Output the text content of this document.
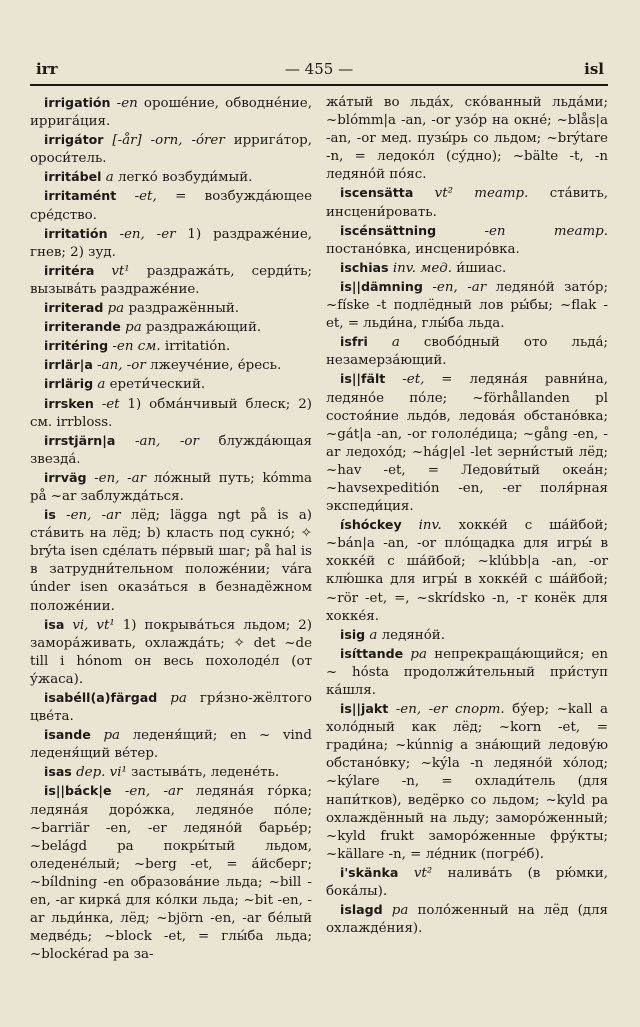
irr	— 455 —	isl

irrigatión -en ороше́ние, обводне́ние, иррига́ция.

irrigátor [-år] -orn, -órer иррига́тор, ороси́тель.

irritábel a легко́ возбуди́мый.

irritamént -et, = возбужда́ющее сре́дство.

irritatión -en, -er 1) раздраже́ние, гнев; 2) зуд.

irritéra vt¹ раздража́ть, серди́ть; вызыва́ть раздраже́ние.

irriterad pa раздражённый.

irriterande pa раздража́ющий.

irritéring -en см. irritatión.

irrlär|a -an, -or лжеуче́ние, е́ресь.

irrlärig a ерети́ческий.

irrsken -et 1) обма́нчивый блеск; 2) см. irrbloss.

irrstjärn|a -an, -or блужда́ющая звезда́.

irrväg -en, -ar ло́жный путь; kómma på ~ar заблужда́ться.

is -en, -ar лёд; lägga ngt på is а) ста́вить на лёд; b) класть под сукно́; ✧ brýta isen сде́лать пе́рвый шаг; på hal is в затрудни́тельном положе́нии; vára únder isen оказа́ться в безнадёжном положе́нии.

isa vi, vt¹ 1) покрыва́ться льдом; 2) замора́живать, охлажда́ть; ✧ det ~de till i hónom он весь похолоде́л (от у́жаса).

isabéll(a)färgad pa гря́зно-жёлтого цве́та.

isande pa леденя́щий; en ~ vind леденя́щий ве́тер.

isas dep. vi¹ застыва́ть, ледене́ть.

is||báck|e -en, -ar ледяна́я го́рка; ледяна́я доро́жка, ледяно́е по́ле; ~barriär -en, -er ледяно́й барье́р; ~belágd pa покры́тый льдом, оледене́лый; ~berg -et, = а́йсберг; ~bíldning -en образова́ние льда; ~bill -en, -ar кирка́ для ко́лки льда; ~bit -en, -ar льди́нка, лёд; ~björn -en, -ar бе́лый медве́дь; ~block -et, = глы́ба льда; ~blockérad pa за-

жа́тый во льда́х, ско́ванный льда́ми; ~blómm|a -an, -or узо́р на окне́; ~blås|a -an, -or мед. пузы́рь со льдом; ~brýtare -n, = ледоко́л (су́дно); ~bälte -t, -n ледяно́й по́яс.

iscensätta vt² театр. ста́вить, инсцени́ровать.

iscénsättning	-en театр. постано́вка, инсцениро́вка.

ischias inv. мед. и́шиас.

is||dämning -en, -ar ледяно́й зато́р; ~físke -t подлёдный лов ры́бы; ~flak -et, = льди́на, глы́ба льда.

isfri a свобо́дный ото льда́; незамерза́ющий.

is||fält -et, = ледяна́я равни́на, ледяно́е по́ле; ~förhållanden pl состоя́ние льдо́в, ледова́я обстано́вка; ~gát|a -an, -or гололе́дица; ~gång -en, -ar ледохо́д; ~hág|el -let зерни́стый лёд; ~hav -et, = Ледови́тый океа́н; ~havsexpeditión -en, -er поля́рная экспеди́ция.

íshóckey inv. хокке́й с ша́йбой; ~bán|a -an, -or пло́щадка для игры́ в хокке́й с ша́йбой; ~klúbb|a -an, -or клю́шка для игры́ в хокке́й с ша́йбой; ~rör -et, =, ~skrídsko -n, -r конёк для хокке́я.

isig a ледяно́й.

isíttande pa непрекраща́ющийся; en ~ hósta продолжи́тельный при́ступ ка́шля.

is||jakt -en, -er спорт. бу́ер; ~kall a холо́дный как лёд; ~korn -et, = гради́на; ~kúnnig a зна́ющий ледову́ю обстано́вку; ~kýla -n ледяно́й хо́лод; ~kýlare -n, = охлади́тель (для напи́тков), ведёрко со льдом; ~kyld pa охлаждённый на льду; заморо́женный; ~kyld frukt заморо́женные фру́кты; ~källare -n, = ле́дник (погре́б).

i'skänka vt² налива́ть (в рю́мки, бока́лы).

islagd pa поло́женный на лёд (для охлажде́ния).
